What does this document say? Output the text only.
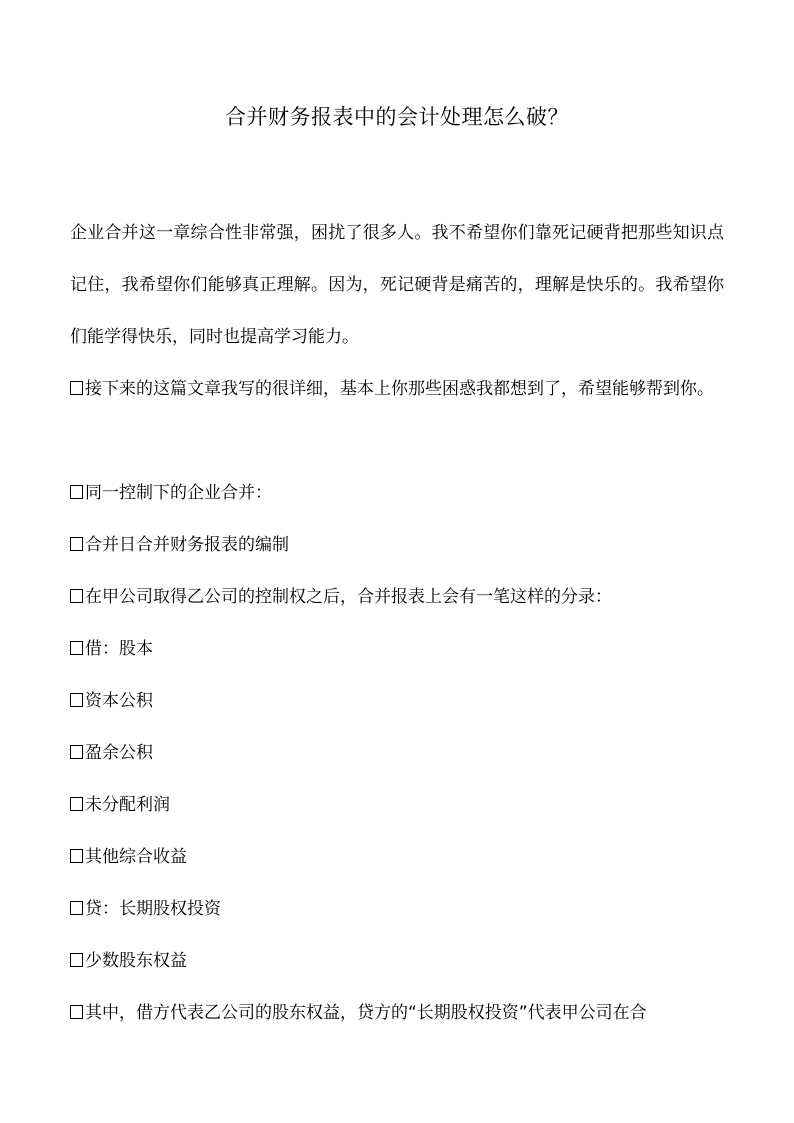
合并财务报表中的会计处理怎么破？

企业合并这一章综合性非常强，困扰了很多人。我不希望你们靠死记硬背把那些知识点记住，我希望你们能够真正理解。因为，死记硬背是痛苦的，理解是快乐的。我希望你们能学得快乐，同时也提高学习能力。

接下来的这篇文章我写的很详细，基本上你那些困惑我都想到了，希望能够帮到你。

同一控制下的企业合并：

合并日合并财务报表的编制

在甲公司取得乙公司的控制权之后，合并报表上会有一笔这样的分录：

借：股本

资本公积

盈余公积

未分配利润

其他综合收益

贷：长期股权投资

少数股东权益

其中，借方代表乙公司的股东权益，贷方的“长期股权投资”代表甲公司在合
